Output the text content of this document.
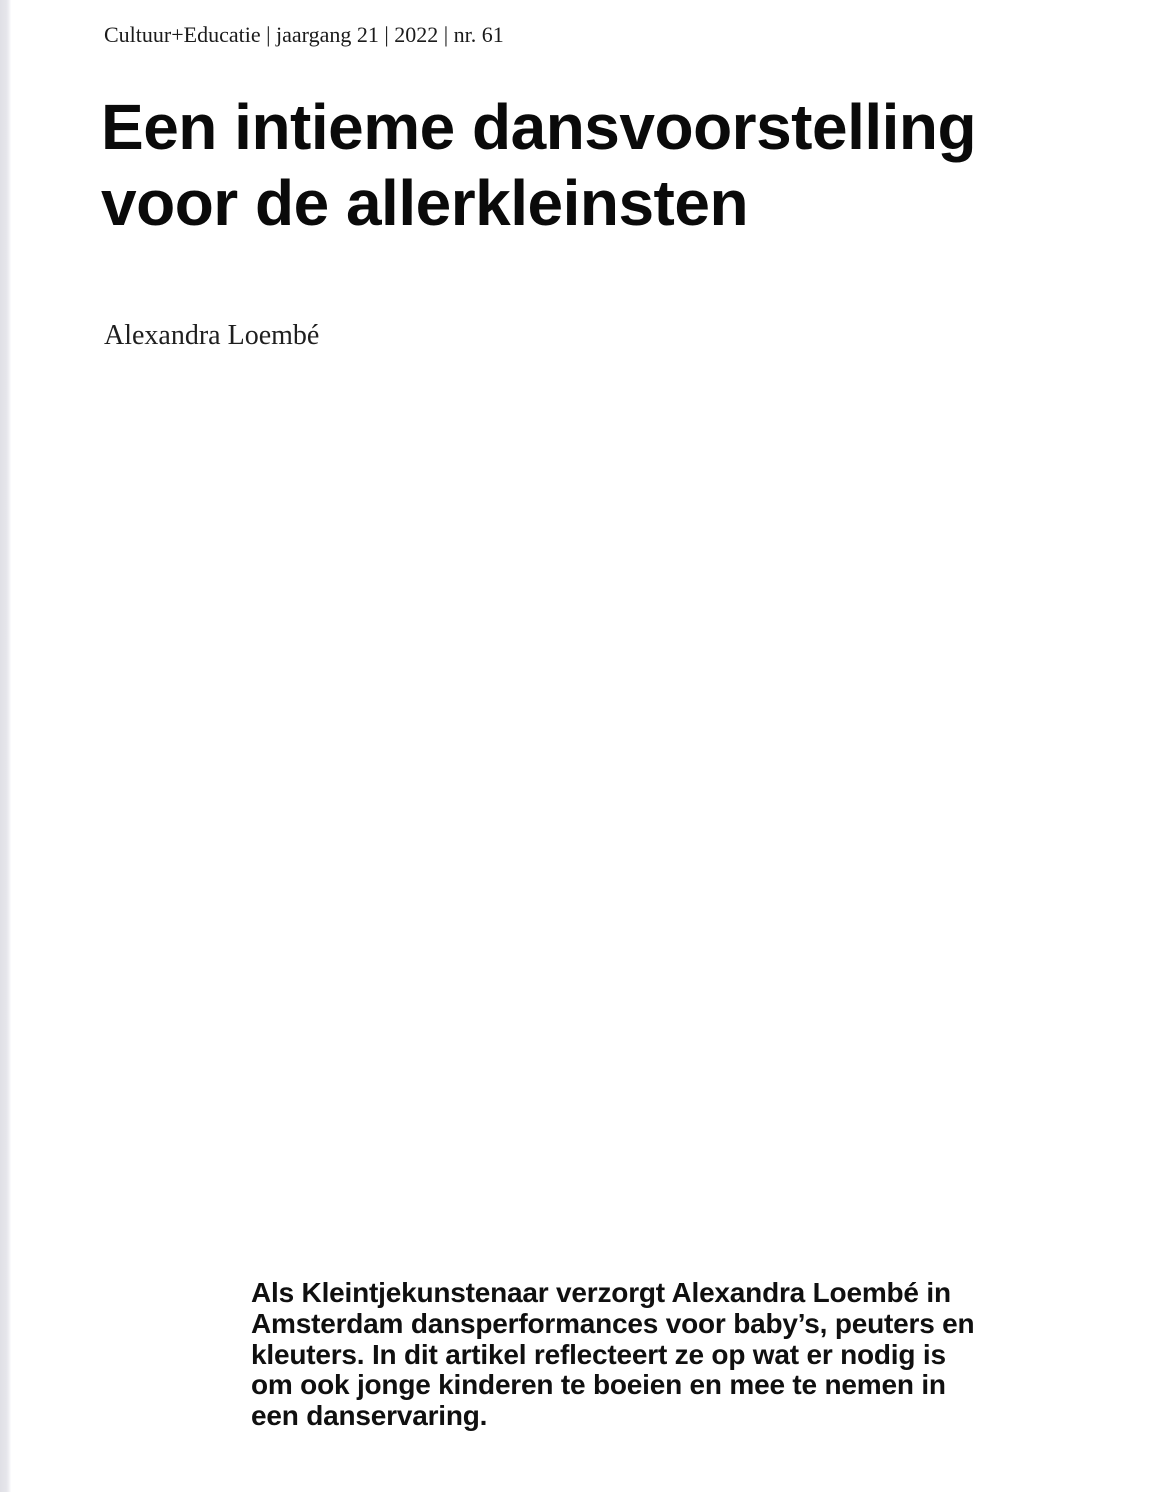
Cultuur+Educatie | jaargang 21 | 2022 | nr. 61
Een intieme dansvoorstelling
voor de allerkleinsten
Alexandra Loembé
Als Kleintjekunstenaar verzorgt Alexandra Loembé in
Amsterdam dansperformances voor baby’s, peuters en
kleuters. In dit artikel reflecteert ze op wat er nodig is
om ook jonge kinderen te boeien en mee te nemen in
een danservaring.
